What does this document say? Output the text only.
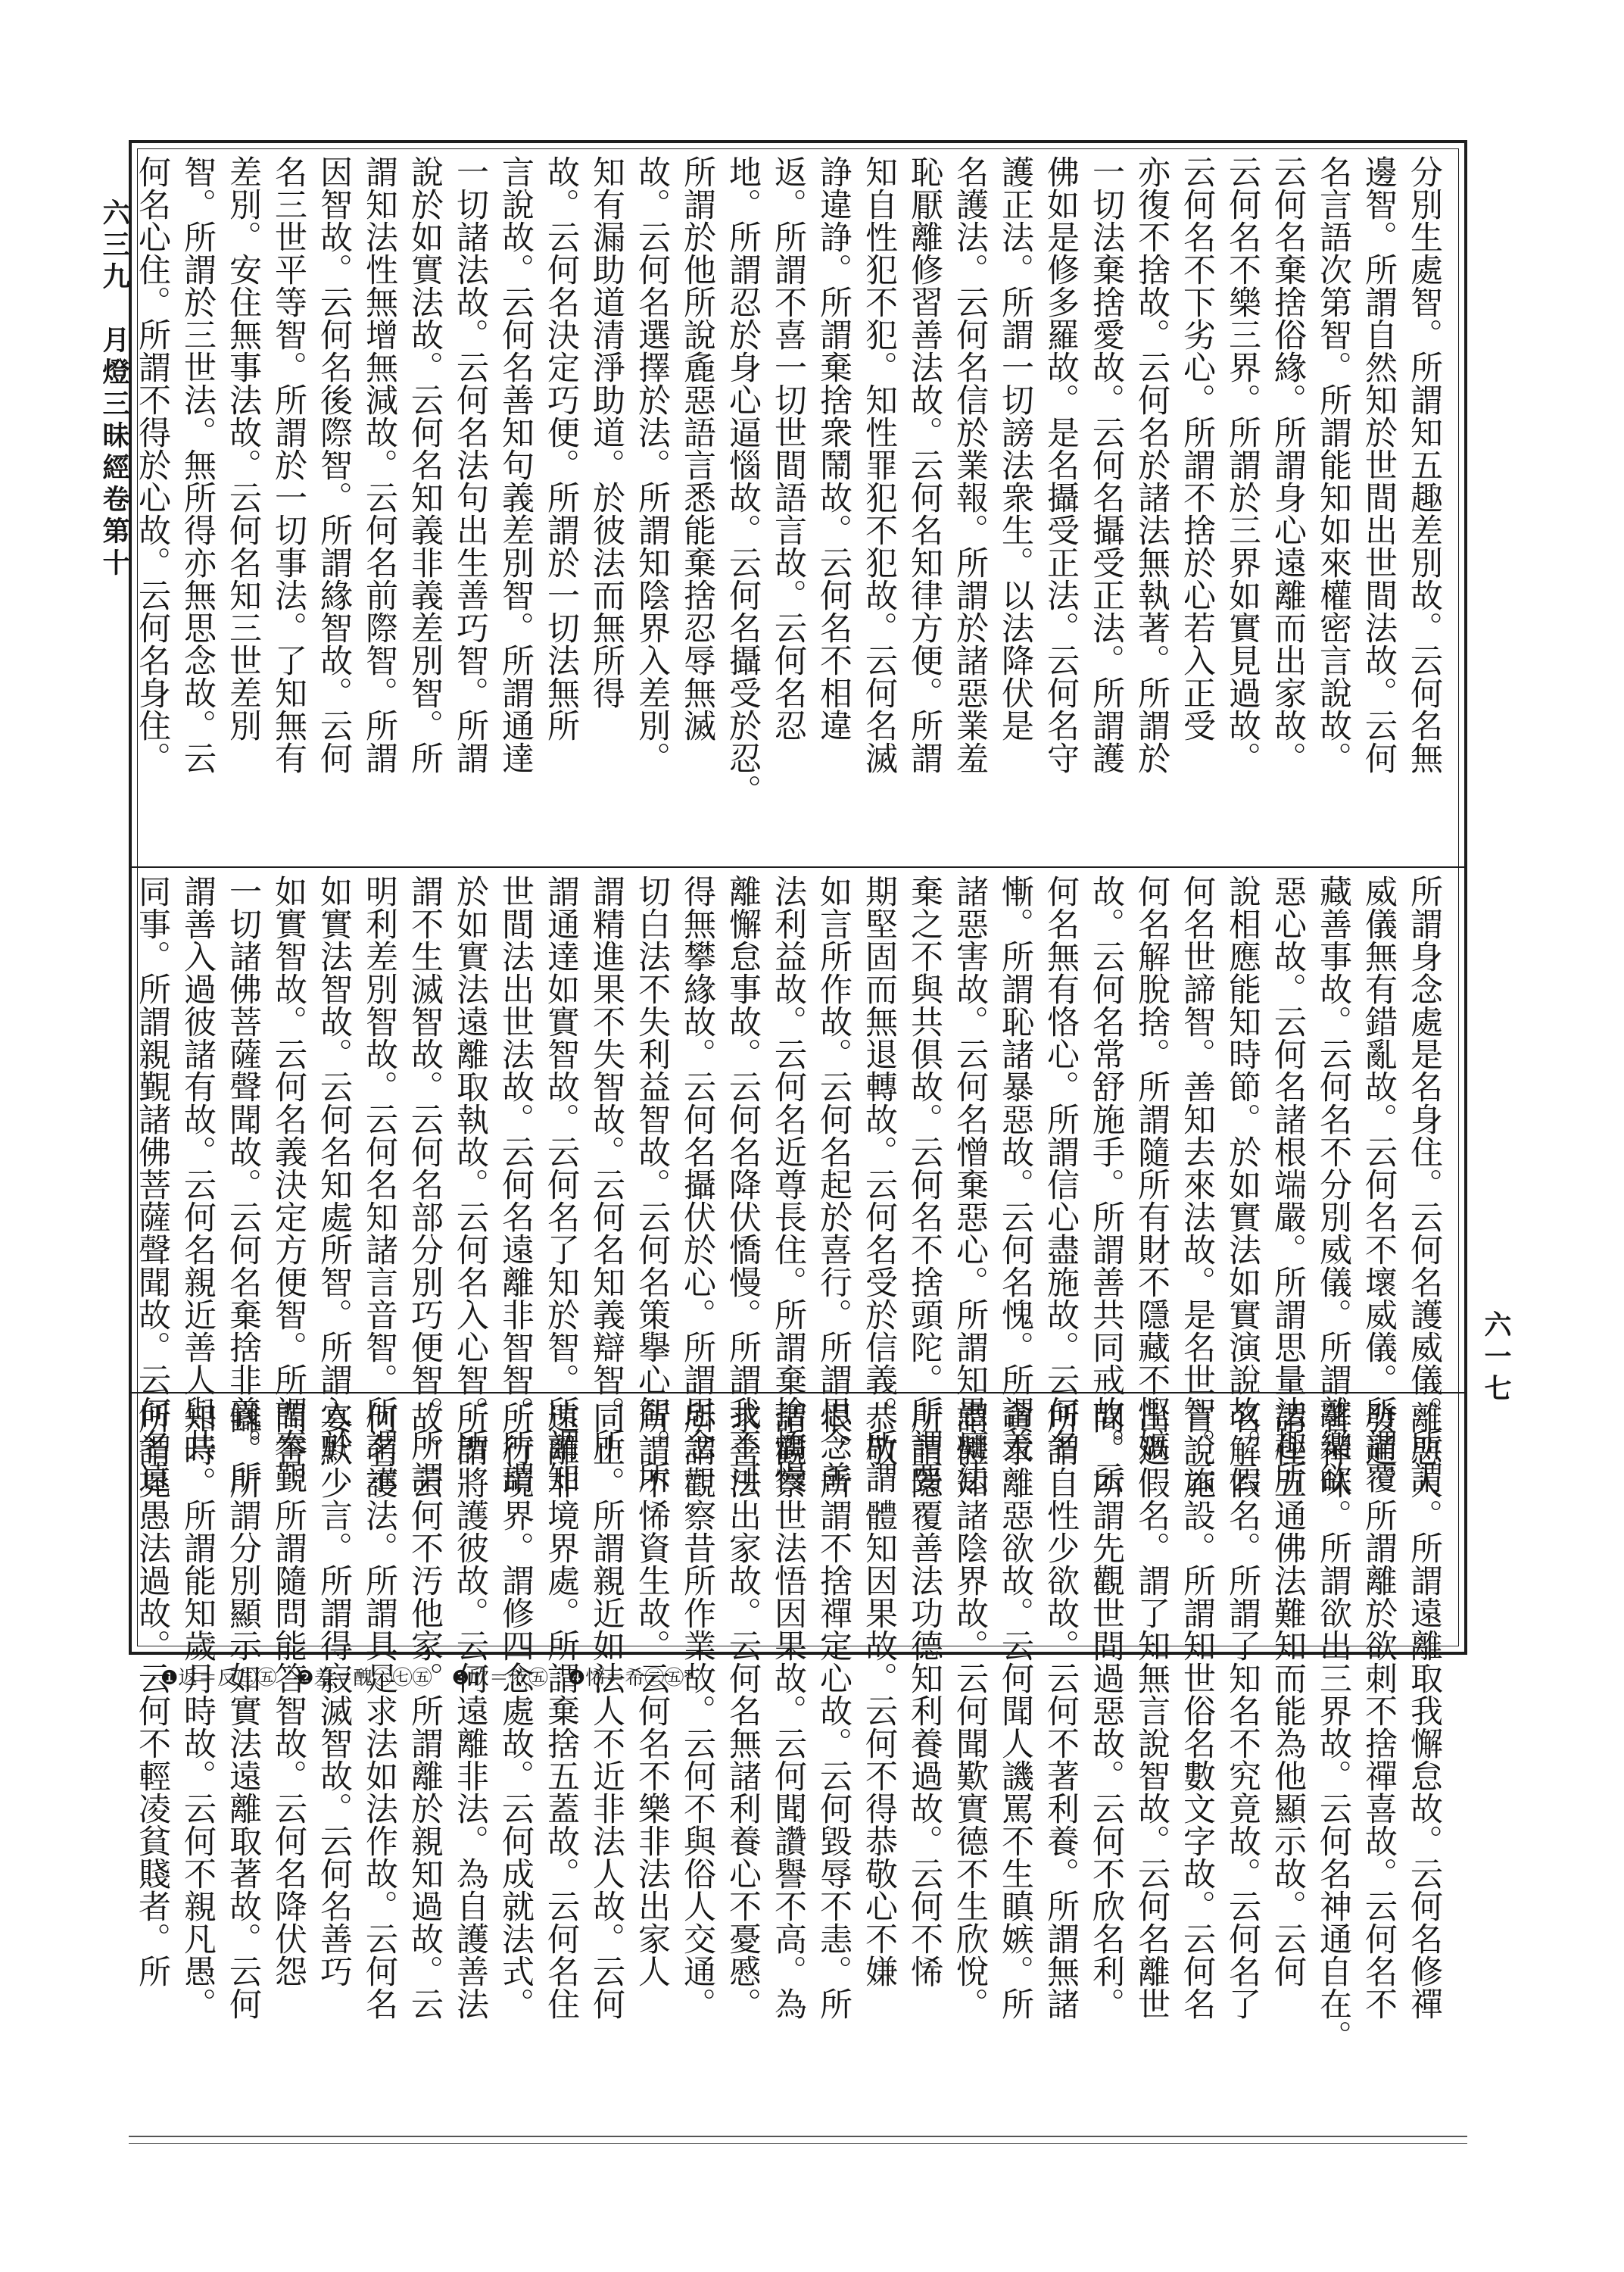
六三九　月燈三昧經卷第十
六一七
分別生處智。所謂知五趣差別故。云何名無
邊智。所謂自然知於世間出世間法故。云何
名言語次第智。所謂能知如來權密言說故。
云何名棄捨俗緣。所謂身心遠離而出家故。
云何名不樂三界。所謂於三界如實見過故。
云何名不下劣心。所謂不捨於心若入正受
亦復不捨故。云何名於諸法無執著。所謂於
一切法棄捨愛故。云何名攝受正法。所謂護
佛如是修多羅故。是名攝受正法。云何名守
護正法。所謂一切謗法衆生。以法降伏是
名護法。云何名信於業報。所謂於諸惡業羞
恥厭離修習善法故。云何名知律方便。所謂
知自性犯不犯。知性罪犯不犯故。云何名滅
諍違諍。所謂棄捨衆鬧故。云何名不相違
返。所謂不喜一切世間語言故。云何名忍
地。所謂忍於身心逼惱故。云何名攝受於忍。
所謂於他所說麁惡語言悉能棄捨忍辱無滅
故。云何名選擇於法。所謂知陰界入差別。
知有漏助道清淨助道。於彼法而無所得
故。云何名決定巧便。所謂於一切法無所
言說故。云何名善知句義差別智。所謂通達
一切諸法故。云何名法句出生善巧智。所謂
說於如實法故。云何名知義非義差別智。所
謂知法性無增無減故。云何名前際智。所謂
因智故。云何名後際智。所謂緣智故。云何
名三世平等智。所謂於一切事法。了知無有
差別。安住無事法故。云何名知三世差別
智。所謂於三世法。無所得亦無思念故。云
何名心住。所謂不得於心故。云何名身住。
所謂身念處是名身住。云何名護威儀。所謂
威儀無有錯亂故。云何名不壞威儀。所謂覆
藏善事故。云何名不分別威儀。所謂離樂欲
惡心故。云何名諸根端嚴。所謂思量法趣所
說相應能知時節。於如實法如實演說故。云
何名世諦智。善知去來法故。是名世智。云
何名解脫捨。所謂隨所有財不隱藏不慳嫉
故。云何名常舒施手。所謂善共同戒故。云
何名無有恪心。所謂信心盡施故。云何名
慚。所謂恥諸暴惡故。云何名愧。所謂羞
諸惡害故。云何名憎棄惡心。所謂知愚癡法
棄之不與共俱故。云何名不捨頭陀。所謂要
期堅固而無退轉故。云何名受於信義。所謂
如言所作故。云何名起於喜行。所謂思念善
法利益故。云何名近尊長住。所謂棄捨憍慢
離懈怠事故。云何名降伏憍慢。所謂我不可
得無攀緣故。云何名攝伏於心。所謂思念一
切白法不失利益智故。云何名策擧心智。所
謂精進果不失智故。云何名知義辯智。所
謂通達如實智故。云何名了知於智。所謂知
世間法出世法故。云何名遠離非智智。所謂
於如實法遠離取執故。云何名入心智。所
謂不生滅智故。云何名部分別巧便智。所謂
明利差別智故。云何名知諸言音智。所謂示
如實法智故。云何名知處所智。所謂入於
如實智故。云何名義決定方便智。所謂奉覲
一切諸佛菩薩聲聞故。云何名棄捨非義。所
謂善入過彼諸有故。云何名親近善人與共
同事。所謂親覲諸佛菩薩聲聞故。云何名遠
離惡人。所謂遠離取我懈怠故。云何名修禪
發通。所謂離於欲刺不捨禪喜故。云何名不
著禪味。所謂欲出三界故。云何名神通自在。
謂住五通佛法難知而能為他顯示故。云何
名解假名。所謂了知名不究竟故。云何名了
言說施設。所謂知世俗名數文字故。云何名
出過假名。謂了知無言說智故。云何名離世
間。所謂先觀世間過惡故。云何不欣名利。
所謂自性少欲故。云何不著利養。所謂無諸
貪求離惡欲故。云何聞人譏罵不生瞋嫉。所
謂體知諸陰界故。云何聞歎實德不生欣悅。
所謂隱覆善法功德知利養過故。云何不悕
恭敬。體知因果故。云何不得恭敬心不嫌
恨。所謂不捨禪定心故。云何毀辱不恚。所
謂觀察世法悟因果故。云何聞讚譽不高。為
求善法出家故。云何名無諸利養心不憂慼。
所謂觀察昔所作業故。云何不與俗人交通。
所謂不悕資生故。云何名不樂非法出家人
同止。所謂親近如法人不近非法人故。云何
遠離非境界處。所謂棄捨五蓋故。云何名住
所行境界。謂修四念處故。云何成就法式。
所謂將護彼故。云何遠離非法。為自護善法
故。云何不汚他家。所謂離於親知過故。云
何名護法。所謂具足求法如法作故。云何名
宴默少言。所謂得寂滅智故。云何名善巧
問答。所謂隨問能答智故。云何名降伏怨
讎。所謂分別顯示如實法遠離取著故。云何
知時。所謂能知歲月時故。云何不親凡愚。
所謂見愚法過故。云何不輕凌貧賤者。所
❶返＝反㊂㊄　❷羞＝醜㊅㊆㊄　❸欣＝依㊄　❹悕＝希㊂㊄*
